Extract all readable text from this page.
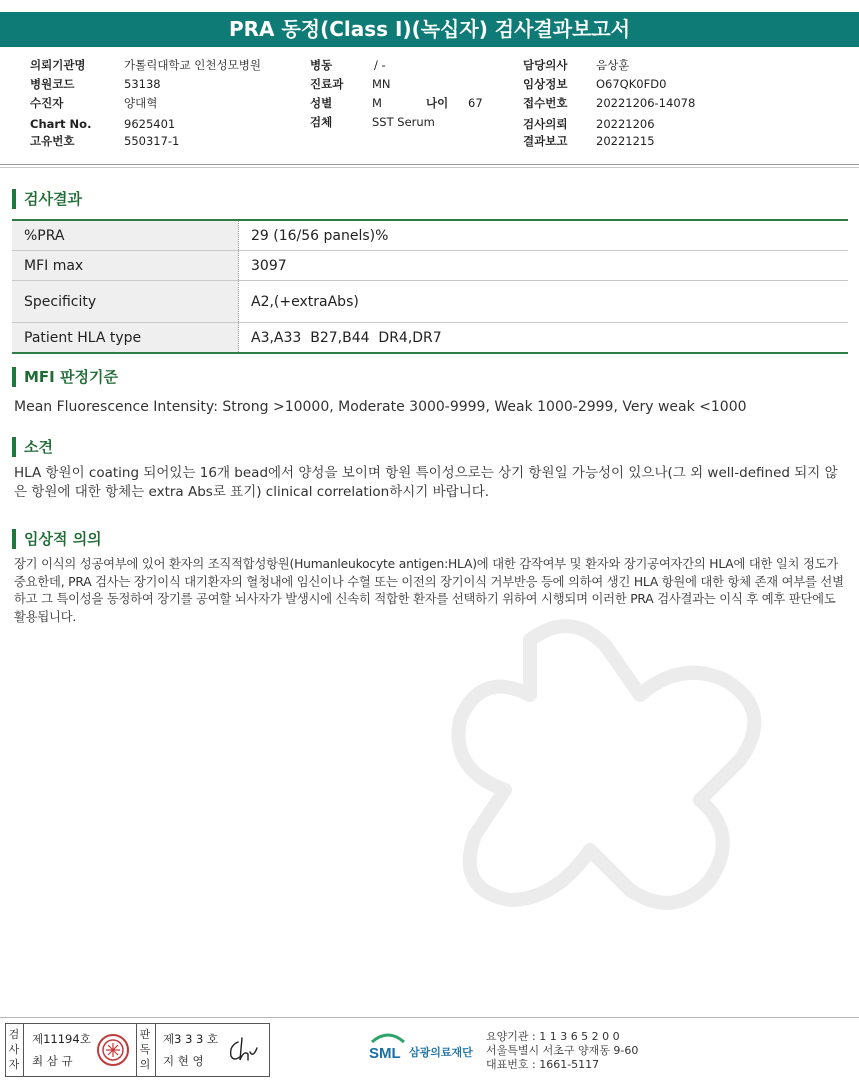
PRA 동정(Class I)(녹십자) 검사결과보고서
의뢰기관명	가톨릭대학교 인천성모병원
병원코드	53138
수진자	양대혁
Chart No.	9625401
고유번호	550317-1
병동	/ -
진료과 MN
성별	M	나이 67
검체	SST Serum
담당의사 음상훈
임상정보 O67QK0FD0
접수번호 20221206-14078
검사의뢰 20221206
결과보고 20221215
검사결과
%PRA	29 (16/56 panels)%
MFI max	3097
Specificity	A2,(+extraAbs)
Patient HLA type	A3,A33  B27,B44  DR4,DR7
MFI 판정기준
Mean Fluorescence Intensity: Strong >10000, Moderate 3000-9999, Weak 1000-2999, Very weak <1000
소견
HLA 항원이 coating 되어있는 16개 bead에서 양성을 보이며 항원 특이성으로는 상기 항원일 가능성이 있으나(그 외 well-defined 되지 않은 항원에 대한 항체는 extra Abs로 표기) clinical correlation하시기 바랍니다.
임상적 의의
장기 이식의 성공여부에 있어 환자의 조직적합성항원(Humanleukocyte antigen:HLA)에 대한 감작여부 및 환자와 장기공여자간의 HLA에 대한 일치 정도가 중요한데, PRA 검사는 장기이식 대기환자의 혈청내에 임신이나 수혈 또는 이전의 장기이식 거부반응 등에 의하여 생긴 HLA 항원에 대한 항체 존재 여부를 선별하고 그 특이성을 동정하여 장기를 공여할 뇌사자가 발생시에 신속히 적합한 환자를 선택하기 위하여 시행되며 이러한 PRA 검사결과는 이식 후 예후 판단에도 활용됩니다.
검
사
자
제11194호
최 삼 규
판
독
의
제3 3 3 호
지 현 영	SML 삼광의료재단
요양기관 : 1 1 3 6 5 2 0 0
서울특별시 서초구 양재동 9-60
대표번호 : 1661-5117
